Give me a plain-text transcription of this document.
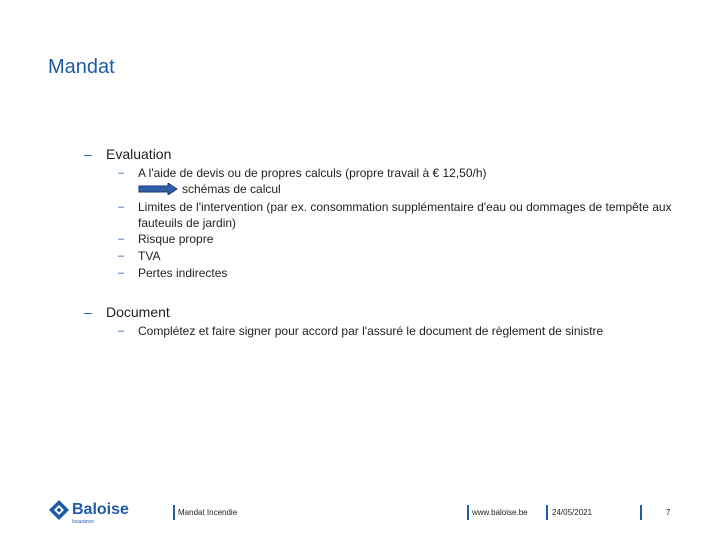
Mandat
– Evaluation
– A l'aide de devis ou de propres calculs (propre travail à € 12,50/h)
schémas de calcul
– Limites de l'intervention (par ex. consommation supplémentaire d'eau ou dommages de tempête aux
fauteuils de jardin)
– Risque propre
– TVA
– Pertes indirectes
– Document
– Complétez et faire signer pour accord par l'assuré le document de règlement de sinistre
Baloise
Insurance
Mandat Incendie	www.baloise.be	24/05/2021	7
